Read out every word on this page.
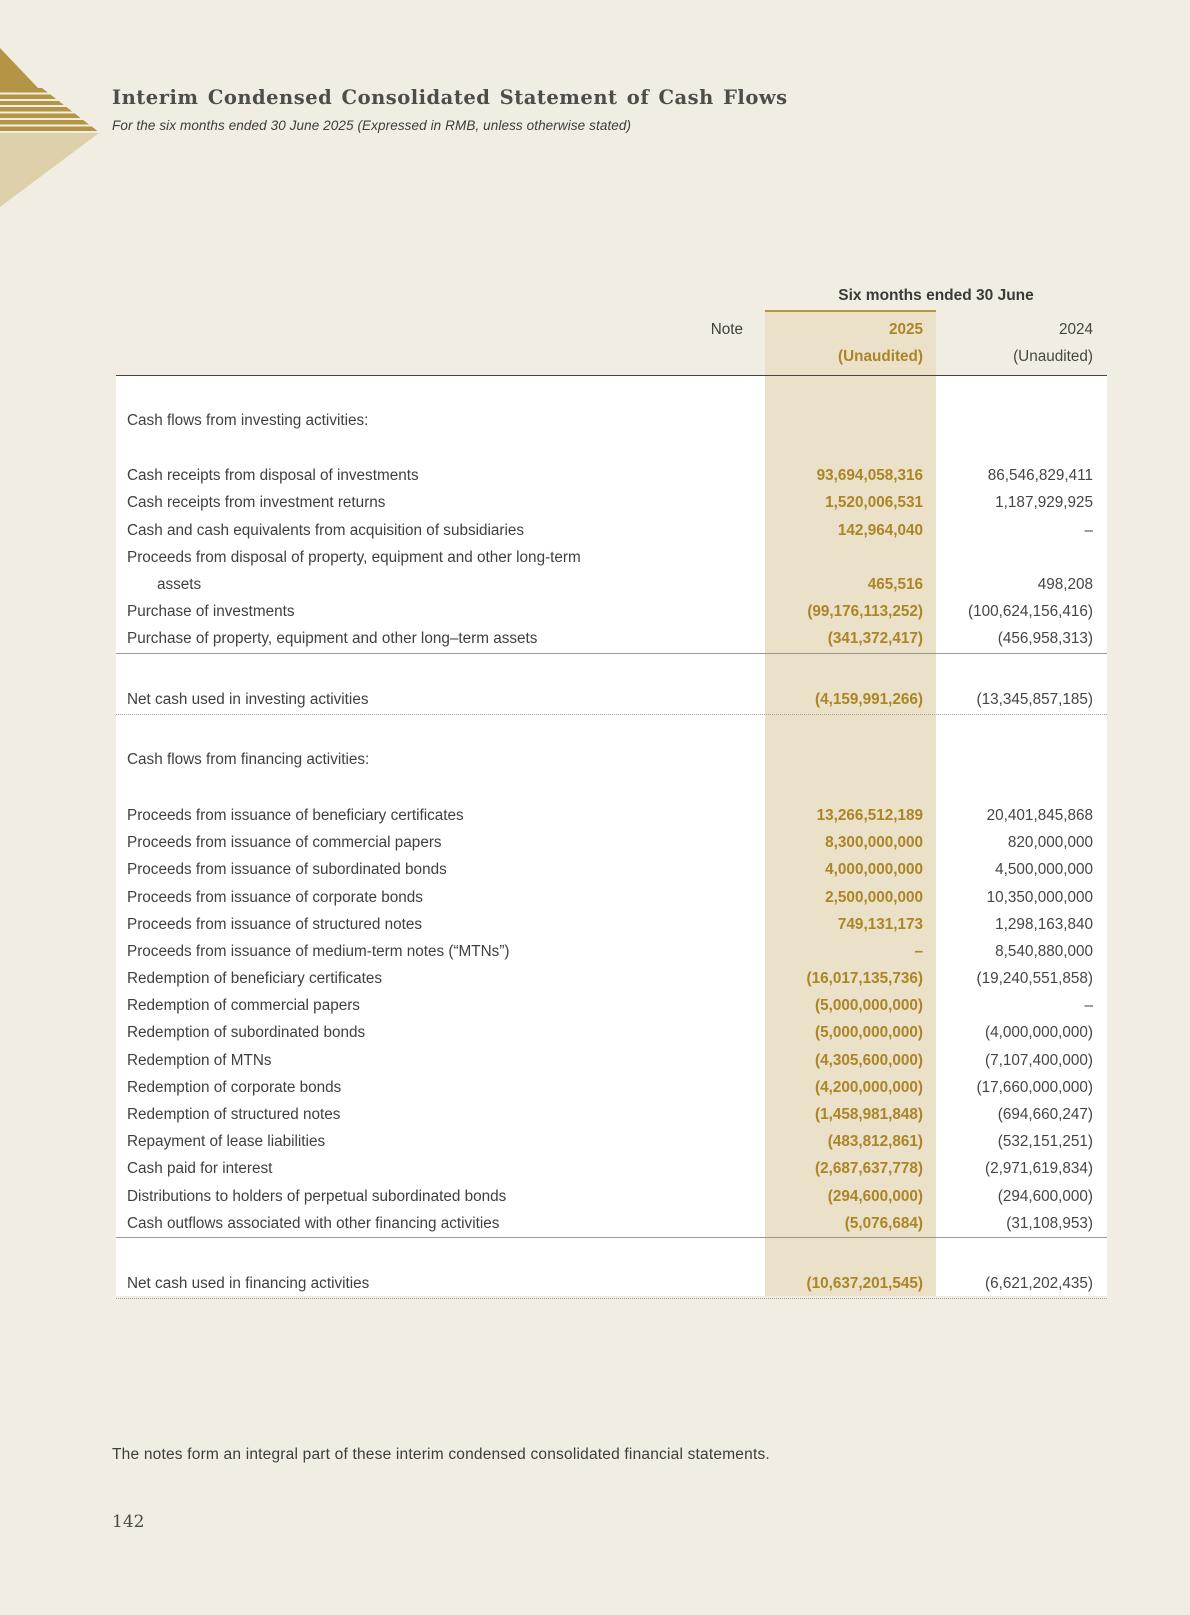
Interim Condensed Consolidated Statement of Cash Flows

For the six months ended 30 June 2025 (Expressed in RMB, unless otherwise stated)

Six months ended 30 June
Note	2025	2024
(Unaudited)	(Unaudited)
Cash flows from investing activities:
Cash receipts from disposal of investments	93,694,058,316	86,546,829,411
Cash receipts from investment returns	1,520,006,531	1,187,929,925
Cash and cash equivalents from acquisition of subsidiaries	142,964,040	–
Proceeds from disposal of property, equipment and other long-term
assets	465,516	498,208
Purchase of investments	(99,176,113,252)	(100,624,156,416)
Purchase of property, equipment and other long–term assets	(341,372,417)	(456,958,313)
Net cash used in investing activities	(4,159,991,266)	(13,345,857,185)
Cash flows from financing activities:
Proceeds from issuance of beneficiary certificates	13,266,512,189	20,401,845,868
Proceeds from issuance of commercial papers	8,300,000,000	820,000,000
Proceeds from issuance of subordinated bonds	4,000,000,000	4,500,000,000
Proceeds from issuance of corporate bonds	2,500,000,000	10,350,000,000
Proceeds from issuance of structured notes	749,131,173	1,298,163,840
Proceeds from issuance of medium-term notes (“MTNs”)	–	8,540,880,000
Redemption of beneficiary certificates	(16,017,135,736)	(19,240,551,858)
Redemption of commercial papers	(5,000,000,000)	–
Redemption of subordinated bonds	(5,000,000,000)	(4,000,000,000)
Redemption of MTNs	(4,305,600,000)	(7,107,400,000)
Redemption of corporate bonds	(4,200,000,000)	(17,660,000,000)
Redemption of structured notes	(1,458,981,848)	(694,660,247)
Repayment of lease liabilities	(483,812,861)	(532,151,251)
Cash paid for interest	(2,687,637,778)	(2,971,619,834)
Distributions to holders of perpetual subordinated bonds	(294,600,000)	(294,600,000)
Cash outflows associated with other financing activities	(5,076,684)	(31,108,953)
Net cash used in financing activities	(10,637,201,545)	(6,621,202,435)
The notes form an integral part of these interim condensed consolidated financial statements.
142
